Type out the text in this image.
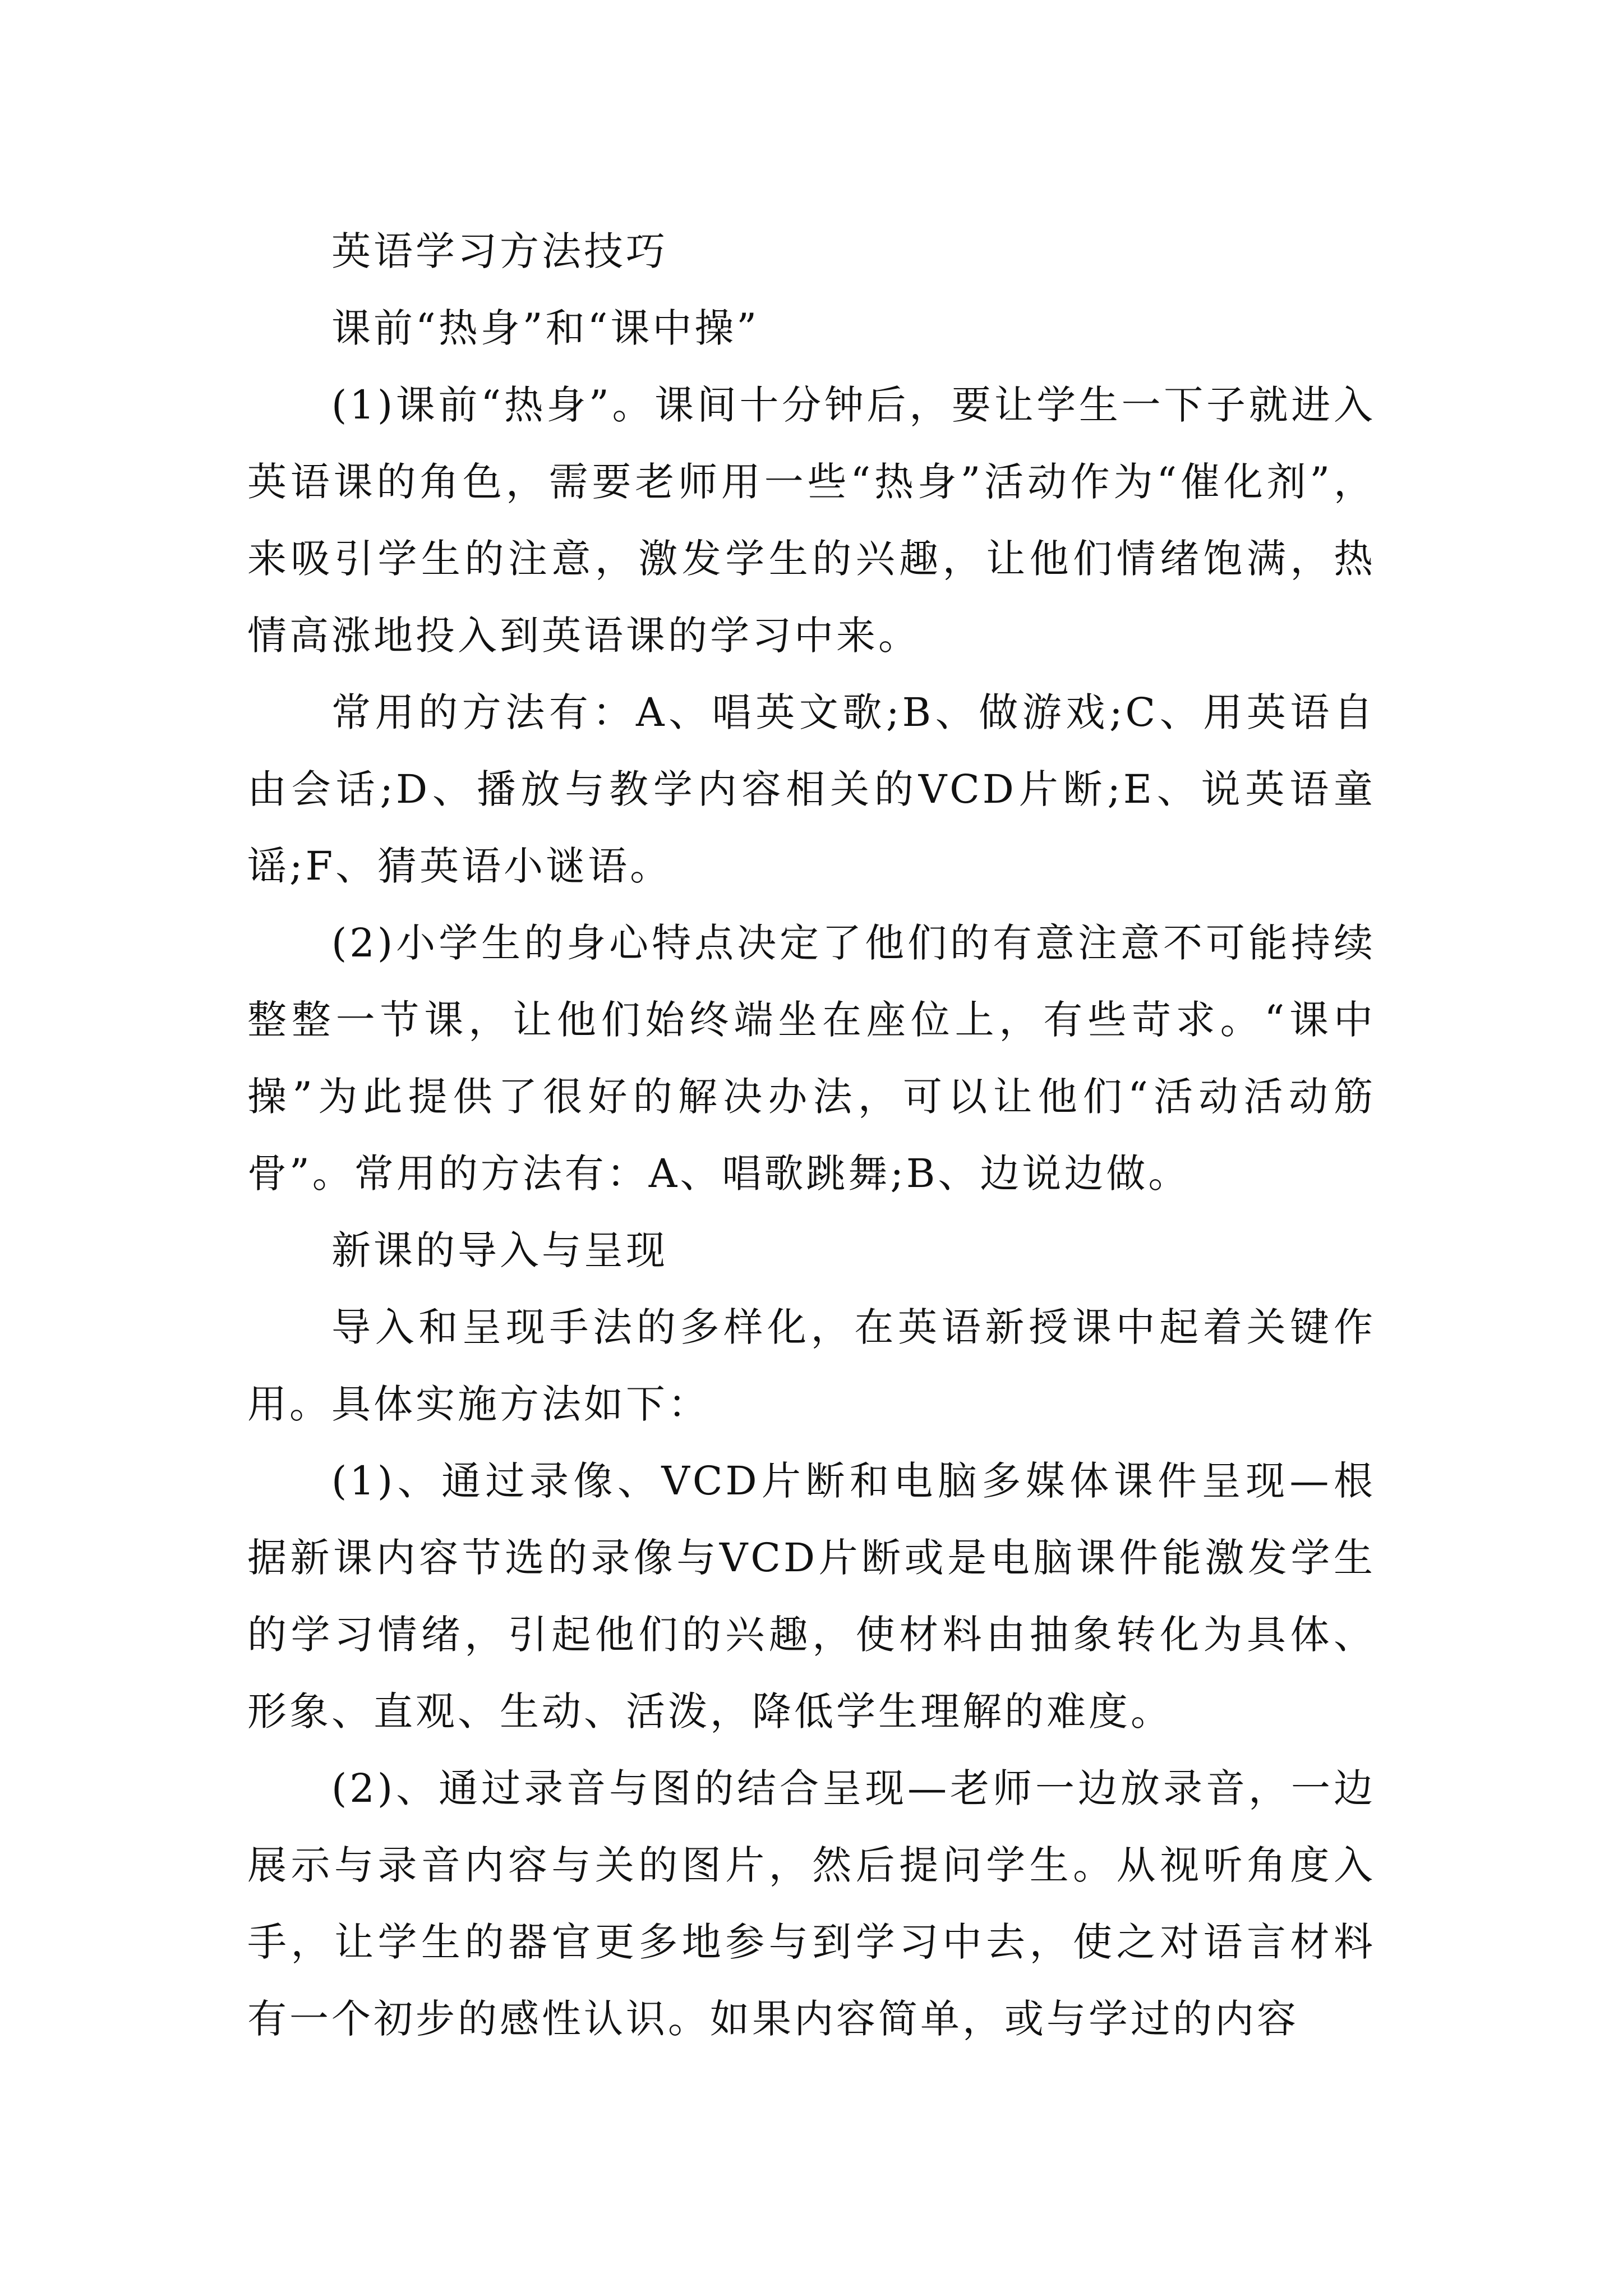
英语学习方法技巧

课前“热身”和“课中操”

(1)课前“热身”。课间十分钟后，要让学生一下子就进入英语课的角色，需要老师用一些“热身”活动作为“催化剂”，来吸引学生的注意，激发学生的兴趣，让他们情绪饱满，热情高涨地投入到英语课的学习中来。

常用的方法有：A、唱英文歌;B、做游戏;C、用英语自由会话;D、播放与教学内容相关的VCD片断;E、说英语童谣;F、猜英语小谜语。

(2)小学生的身心特点决定了他们的有意注意不可能持续整整一节课，让他们始终端坐在座位上，有些苛求。“课中操”为此提供了很好的解决办法，可以让他们“活动活动筋骨”。常用的方法有：A、唱歌跳舞;B、边说边做。

新课的导入与呈现

导入和呈现手法的多样化，在英语新授课中起着关键作用。具体实施方法如下：

(1)、通过录像、VCD片断和电脑多媒体课件呈现—根据新课内容节选的录像与VCD片断或是电脑课件能激发学生的学习情绪，引起他们的兴趣，使材料由抽象转化为具体、形象、直观、生动、活泼，降低学生理解的难度。

(2)、通过录音与图的结合呈现—老师一边放录音，一边展示与录音内容与关的图片，然后提问学生。从视听角度入手，让学生的器官更多地参与到学习中去，使之对语言材料有一个初步的感性认识。如果内容简单，或与学过的内容
